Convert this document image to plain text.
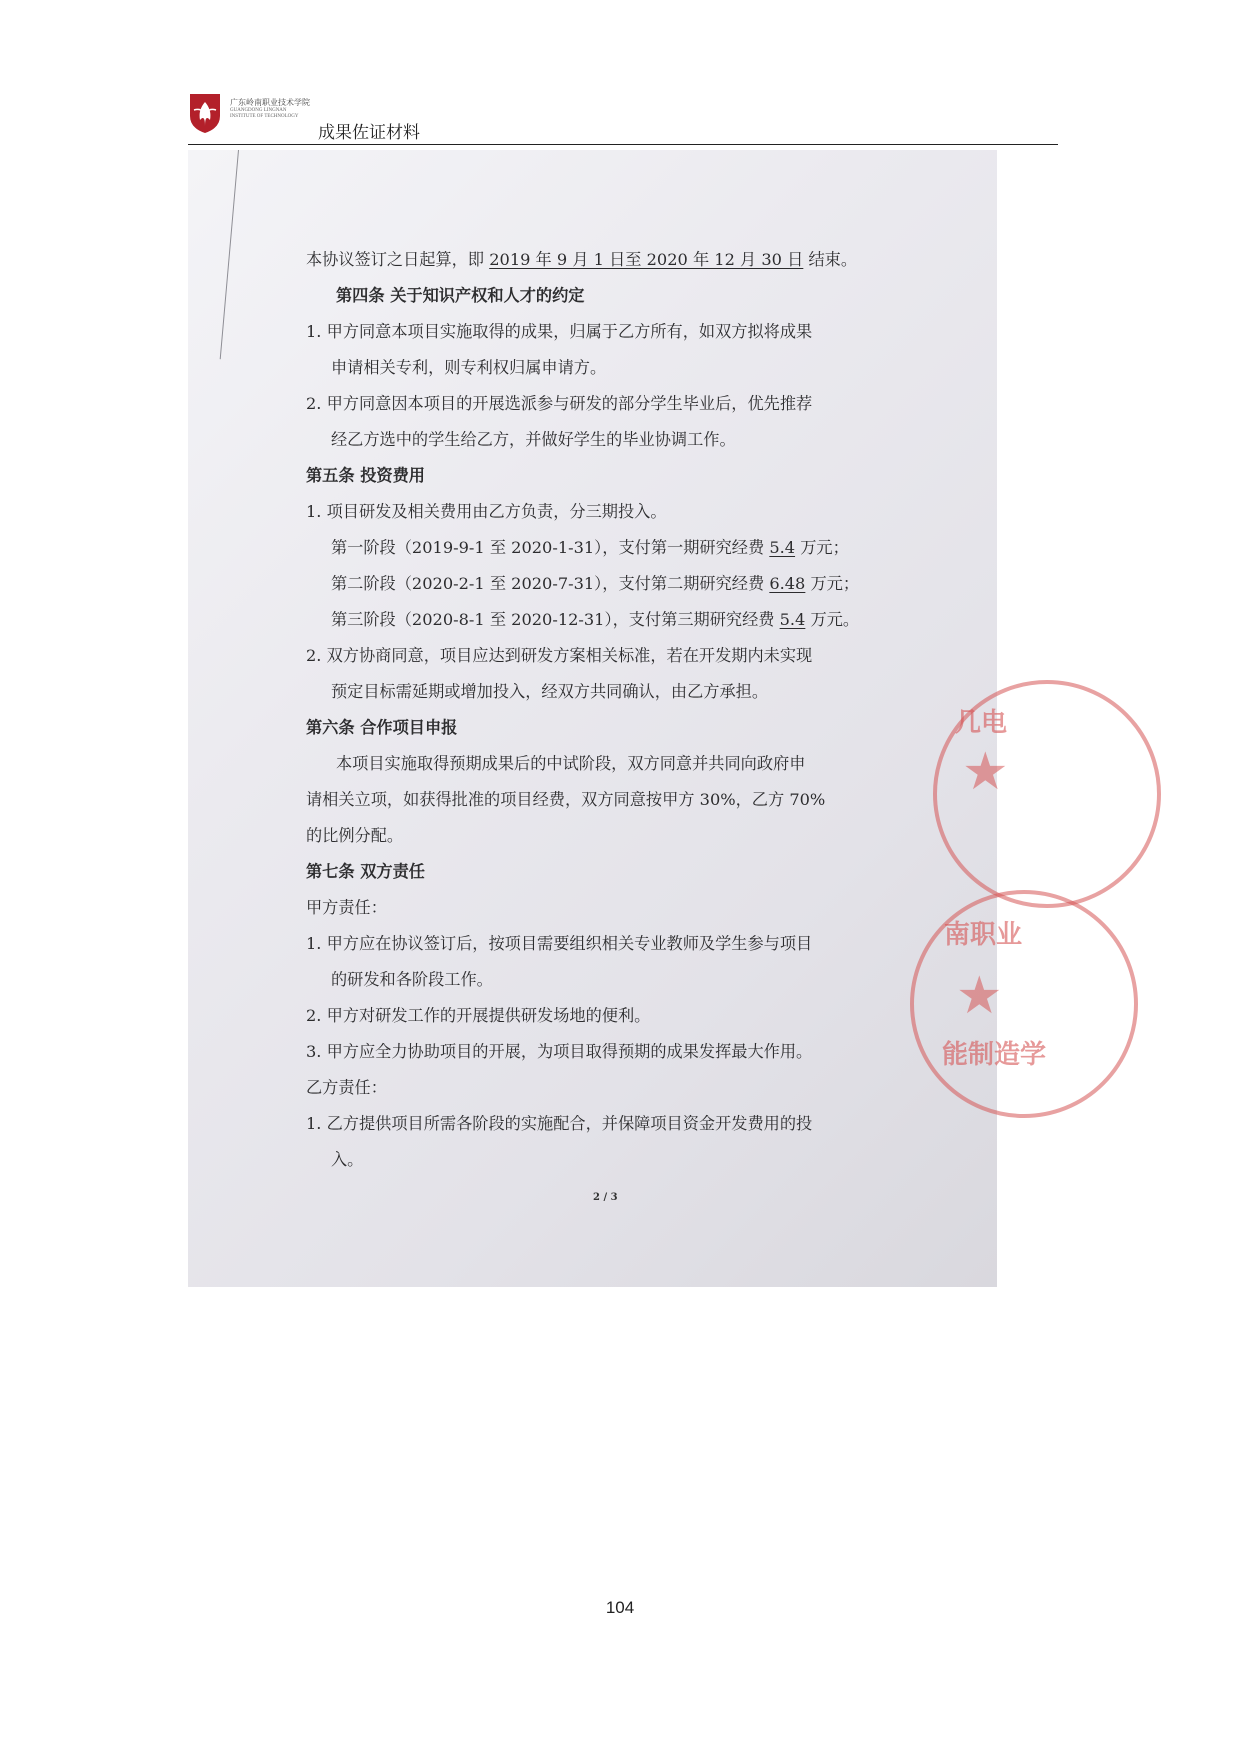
广东岭南职业技术学院
GUANGDONG LINGNAN
INSTITUTE OF TECHNOLOGY
成果佐证材料
几电
★
南职业
★
能制造学
本协议签订之日起算，即 2019 年 9 月 1 日至 2020 年 12 月 30 日 结束。
第四条 关于知识产权和人才的约定
1. 甲方同意本项目实施取得的成果，归属于乙方所有，如双方拟将成果
申请相关专利，则专利权归属申请方。
2. 甲方同意因本项目的开展选派参与研发的部分学生毕业后，优先推荐
经乙方选中的学生给乙方，并做好学生的毕业协调工作。
第五条 投资费用
1. 项目研发及相关费用由乙方负责，分三期投入。
第一阶段（2019-9-1 至 2020-1-31），支付第一期研究经费 5.4 万元；
第二阶段（2020-2-1 至 2020-7-31），支付第二期研究经费 6.48 万元；
第三阶段（2020-8-1 至 2020-12-31），支付第三期研究经费 5.4 万元。
2. 双方协商同意，项目应达到研发方案相关标准，若在开发期内未实现
预定目标需延期或增加投入，经双方共同确认，由乙方承担。
第六条 合作项目申报
本项目实施取得预期成果后的中试阶段，双方同意并共同向政府申
请相关立项，如获得批准的项目经费，双方同意按甲方 30%，乙方 70%
的比例分配。
第七条 双方责任
甲方责任：
1. 甲方应在协议签订后，按项目需要组织相关专业教师及学生参与项目
的研发和各阶段工作。
2. 甲方对研发工作的开展提供研发场地的便利。
3. 甲方应全力协助项目的开展，为项目取得预期的成果发挥最大作用。
乙方责任：
1. 乙方提供项目所需各阶段的实施配合，并保障项目资金开发费用的投
入。
2 / 3
104
